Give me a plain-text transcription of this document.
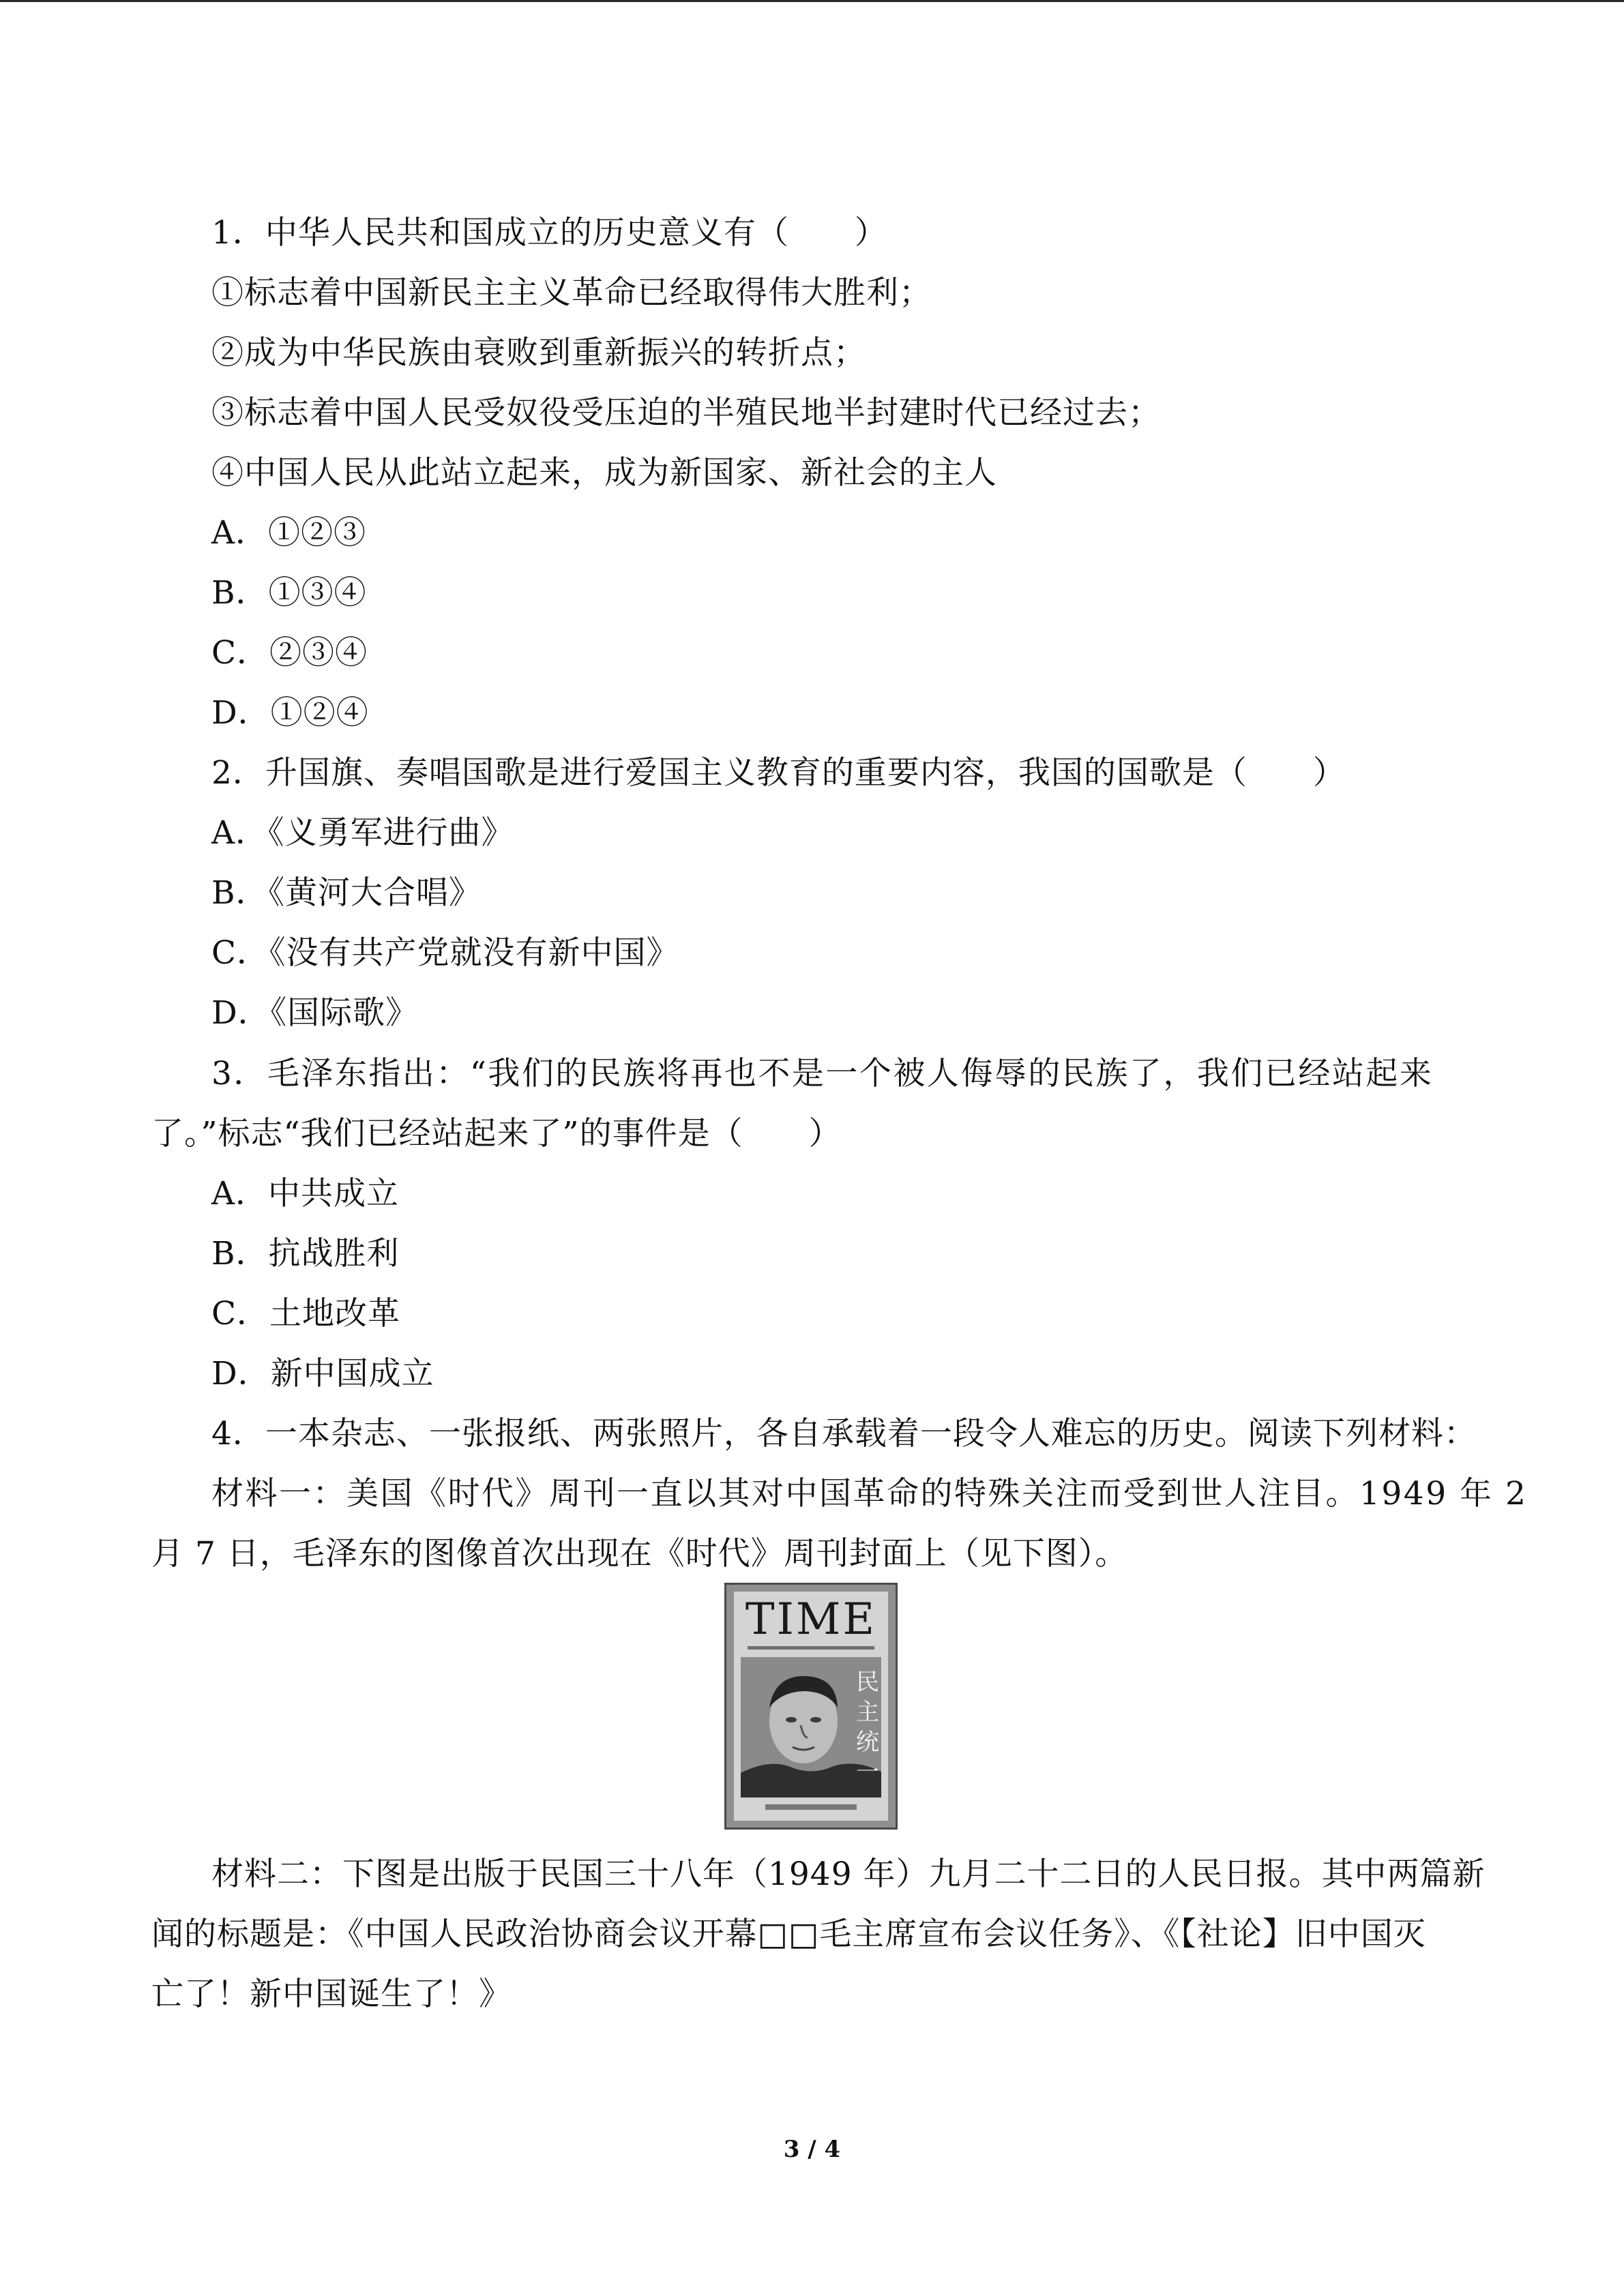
1．中华人民共和国成立的历史意义有（　　）

①标志着中国新民主主义革命已经取得伟大胜利；

②成为中华民族由衰败到重新振兴的转折点；

③标志着中国人民受奴役受压迫的半殖民地半封建时代已经过去；

④中国人民从此站立起来，成为新国家、新社会的主人

A．①②③

B．①③④

C．②③④

D．①②④

2．升国旗、奏唱国歌是进行爱国主义教育的重要内容，我国的国歌是（　　）

A．《义勇军进行曲》

B．《黄河大合唱》

C．《没有共产党就没有新中国》

D．《国际歌》

3．毛泽东指出：“我们的民族将再也不是一个被人侮辱的民族了，我们已经站起来

了。”标志“我们已经站起来了”的事件是（　　）

A．中共成立

B．抗战胜利

C．土地改革

D．新中国成立

4．一本杂志、一张报纸、两张照片，各自承载着一段令人难忘的历史。阅读下列材料：

材料一：美国《时代》周刊一直以其对中国革命的特殊关注而受到世人注目。1949 年 2

月 7 日，毛泽东的图像首次出现在《时代》周刊封面上（见下图）。

TIME
民
主
统
一

材料二：下图是出版于民国三十八年（1949 年）九月二十二日的人民日报。其中两篇新

闻的标题是：《中国人民政治协商会议开幕□□毛主席宣布会议任务》、《【社论】旧中国灭

亡了！新中国诞生了！》

3 / 4
